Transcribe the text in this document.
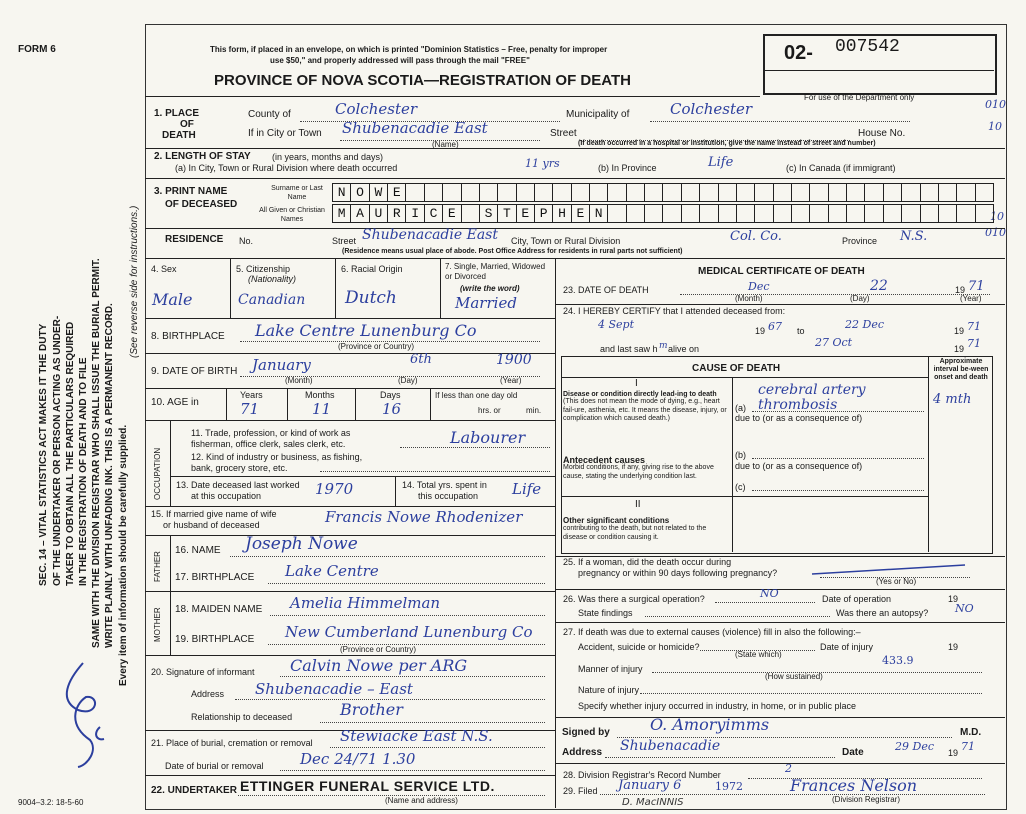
FORM 6
SEC. 14 – VITAL STATISTICS ACT MAKES IT THE DUTY OF THE UNDERTAKER OR PERSON ACTING AS UNDER- TAKER TO OBTAIN ALL THE PARTICULARS REQUIRED IN THE REGISTRATION OF DEATH AND TO FILE SAME WITH THE DIVISION REGISTRAR WHO SHALL ISSUE THE BURIAL PERMIT. WRITE PLAINLY WITH UNFADING INK. THIS IS A PERMANENT RECORD. Every item of information should be carefully supplied.
(See reverse side for instructions.)
9004–3.2: 18-5-60
This form, if placed in an envelope, on which is printed "Dominion Statistics – Free, penalty for improper
use $50," and properly addressed will pass through the mail "FREE"
PROVINCE OF NOVA SCOTIA—REGISTRATION OF DEATH
02- 007542
For use of the Department only
010
10
10
010
1. PLACE
OF
DEATH
County of	Colchester	Municipality of	Colchester
If in City or Town Shubenacadie East
(Name)
Street	House No.
(If death occurred in a hospital or institution, give the name instead of street and number)
2. LENGTH OF STAY (in years, months and days)
(a) In City, Town or Rural Division where death occurred	11 yrs	(b) In Province	Life	(c) In Canada (if immigrant)
3. PRINT NAME
OF DECEASED
Surname or Last Name
All Given or Christian Names
N O W E
M A U R I C E	S T E P H E N
RESIDENCE No.	Street Shubenacadie East City, Town or Rural Division	Col. Co.	Province N.S.
(Residence means usual place of abode. Post Office Address for residents in rural parts not sufficient)
4. Sex
Male
5. Citizenship
(Nationality)
Canadian
6. Racial Origin
Dutch
7. Single, Married, Widowed or Divorced
(write the word)
Married
8. BIRTHPLACE Lake Centre Lunenburg Co
(Province or Country)
9. DATE OF BIRTH January	6th	1900
(Month)	(Day)	(Year)
10. AGE in
Years	Months	Days
71	11	16
If less than one day old
hrs. or	min.
OCCUPATION
11. Trade, profession, or kind of work as
fisherman, office clerk, sales clerk, etc.	Labourer
12. Kind of industry or business, as fishing,
bank, grocery store, etc.
13. Date deceased last worked
at this occupation	1970	14. Total yrs. spent in
this occupation Life
15. If married give name of wife
or husband of deceased	Francis Nowe Rhodenizer
FATHER
16. NAME Joseph Nowe
17. BIRTHPLACE Lake Centre
MOTHER 18. MAIDEN NAME Amelia Himmelman
19. BIRTHPLACE New Cumberland Lunenburg Co
(Province or Country)
20. Signature of informant Calvin Nowe per ARG
Address Shubenacadie – East
Relationship to deceased	Brother
21. Place of burial, cremation or removal Stewiacke East N.S.
Date of burial or removal Dec 24/71 1.30
22. UNDERTAKER ETTINGER FUNERAL SERVICE LTD.
(Name and address)
MEDICAL CERTIFICATE OF DEATH
23. DATE OF DEATH	Dec	22	19 71
(Month)	(Day)	(Year)
24. I HEREBY CERTIFY that I attended deceased from:
4 Sept	19 67 to	22 Dec	19 71
and last saw h m alive on	27 Oct	19 71
CAUSE OF DEATH
Approximate interval be-ween onset and death
I
Disease or condition directly lead-ing to death
(This does not mean the mode of dying, e.g., heart fail-ure, asthenia, etc. It means the disease, injury, or complication which caused death.)
(a)
cerebral artery thrombosis	4 mth
due to (or as a consequence of)
Antecedent causes
Morbid conditions, if any, giving rise to the above cause, stating the underlying condition last.
(b)
due to (or as a consequence of)
(c)
II
Other significant conditions
contributing to the death, but not related to the disease or condition causing it.
25. If a woman, did the death occur during
pregnancy or within 90 days following pregnancy?
(Yes or No)
26. Was there a surgical operation?	NO	Date of operation	19
State findings	Was there an autopsy? NO
27. If death was due to external causes (violence) fill in also the following:–
Accident, suicide or homicide?
(State which)
Date of injury	19
Manner of injury
433.9
(How sustained)
Nature of injury
Specify whether injury occurred in industry, in home, or in public place
Signed by	O. Amoryimms	M.D.
Address Shubenacadie	Date	29 Dec 19 71
28. Division Registrar's Record Number	2
29. Filed January 6	1972	Frances Nelson
(Division Registrar)
D. MacINNIS
